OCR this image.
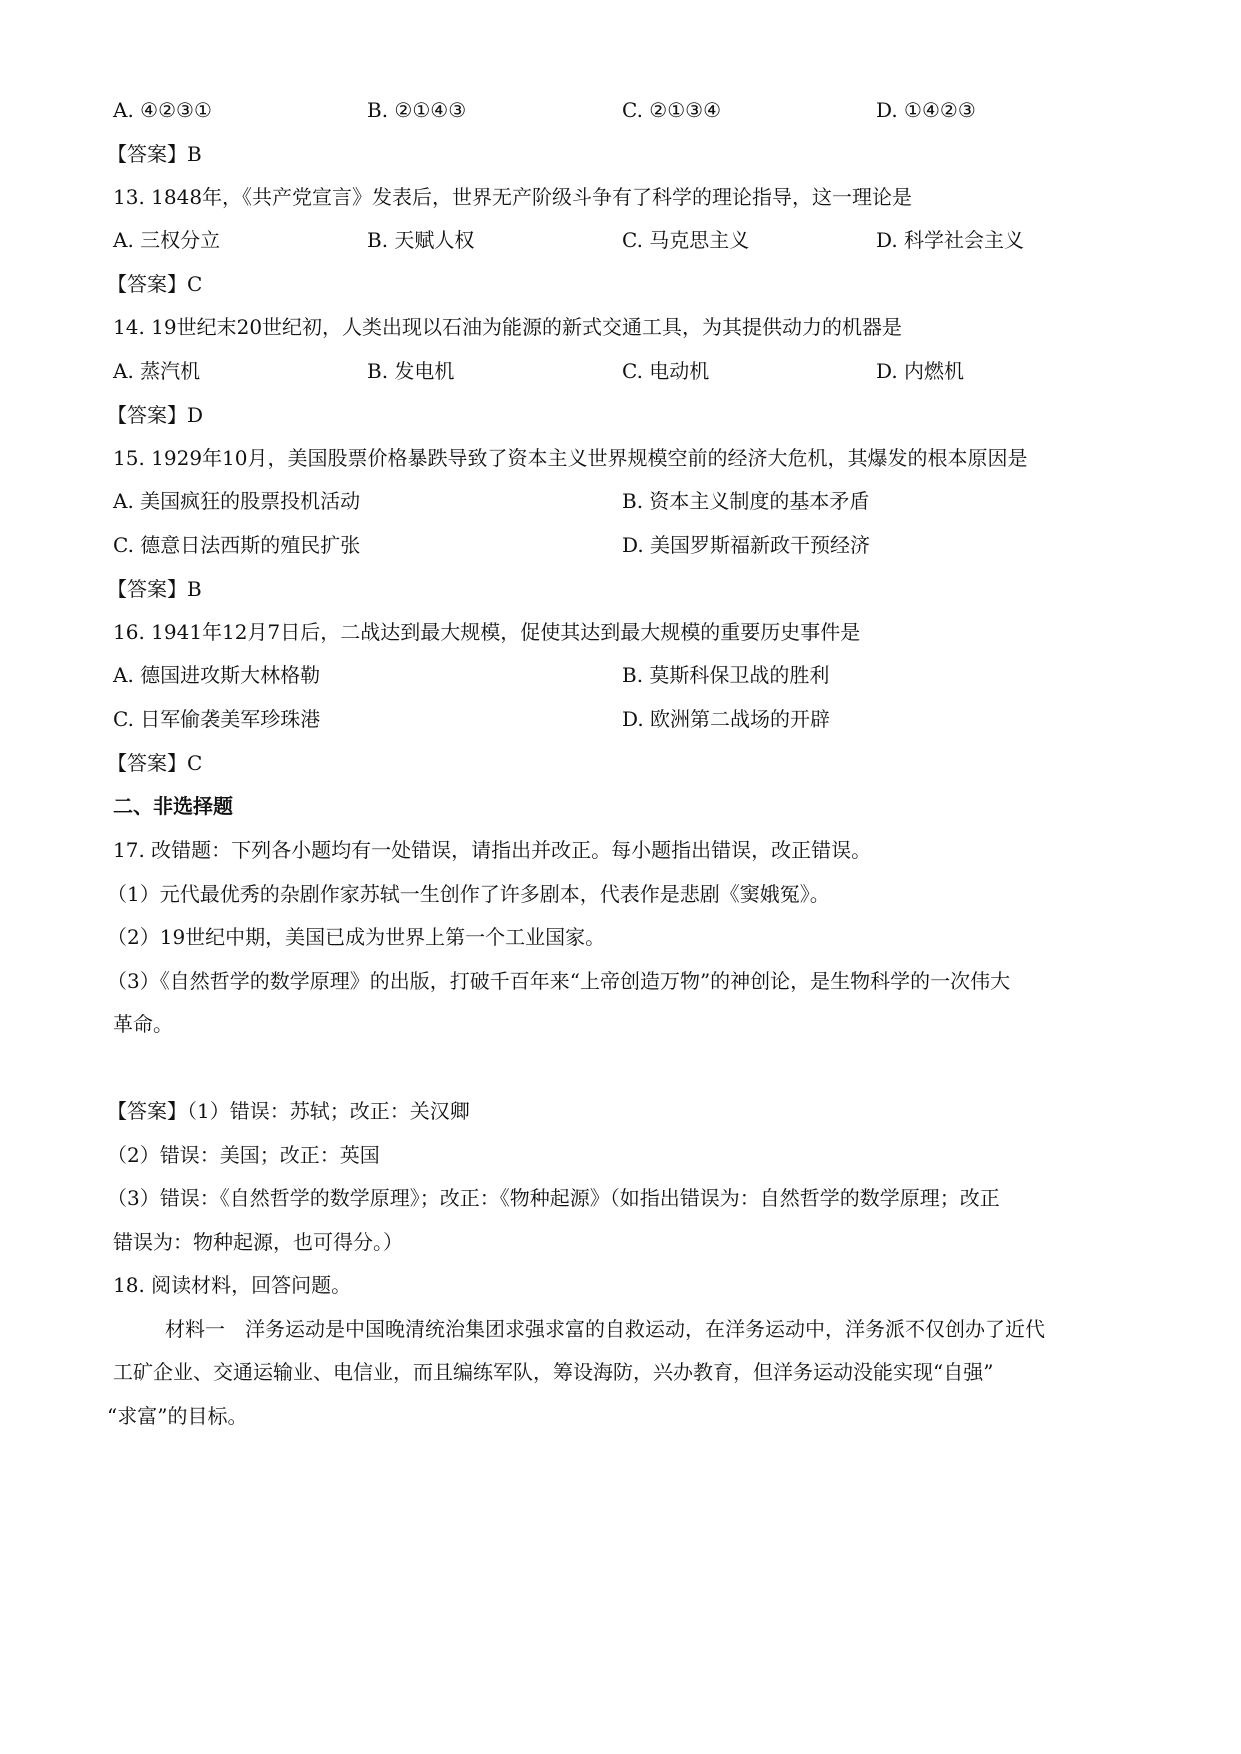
A. ④②③①	B. ②①④③	C. ②①③④	D. ①④②③
【答案】B
13. 1848年，《共产党宣言》发表后，世界无产阶级斗争有了科学的理论指导，这一理论是
A. 三权分立	B. 天赋人权	C. 马克思主义	D. 科学社会主义
【答案】C
14. 19世纪末20世纪初，人类出现以石油为能源的新式交通工具，为其提供动力的机器是
A. 蒸汽机	B. 发电机	C. 电动机	D. 内燃机
【答案】D
15. 1929年10月，美国股票价格暴跌导致了资本主义世界规模空前的经济大危机，其爆发的根本原因是
A. 美国疯狂的股票投机活动	B. 资本主义制度的基本矛盾
C. 德意日法西斯的殖民扩张	D. 美国罗斯福新政干预经济
【答案】B
16. 1941年12月7日后，二战达到最大规模，促使其达到最大规模的重要历史事件是
A. 德国进攻斯大林格勒	B. 莫斯科保卫战的胜利
C. 日军偷袭美军珍珠港	D. 欧洲第二战场的开辟
【答案】C
二、非选择题
17. 改错题：下列各小题均有一处错误，请指出并改正。每小题指出错误，改正错误。
（1）元代最优秀的杂剧作家苏轼一生创作了许多剧本，代表作是悲剧《窦娥冤》。
（2）19世纪中期，美国已成为世界上第一个工业国家。
（3）《自然哲学的数学原理》的出版，打破千百年来“上帝创造万物”的神创论，是生物科学的一次伟大
革命。
【答案】（1）错误：苏轼；改正：关汉卿
（2）错误：美国；改正：英国
（3）错误：《自然哲学的数学原理》；改正：《物种起源》（如指出错误为：自然哲学的数学原理；改正
错误为：物种起源，也可得分。）
18. 阅读材料，回答问题。
材料一　洋务运动是中国晚清统治集团求强求富的自救运动，在洋务运动中，洋务派不仅创办了近代
工矿企业、交通运输业、电信业，而且编练军队，筹设海防，兴办教育，但洋务运动没能实现“自强”
“求富”的目标。
